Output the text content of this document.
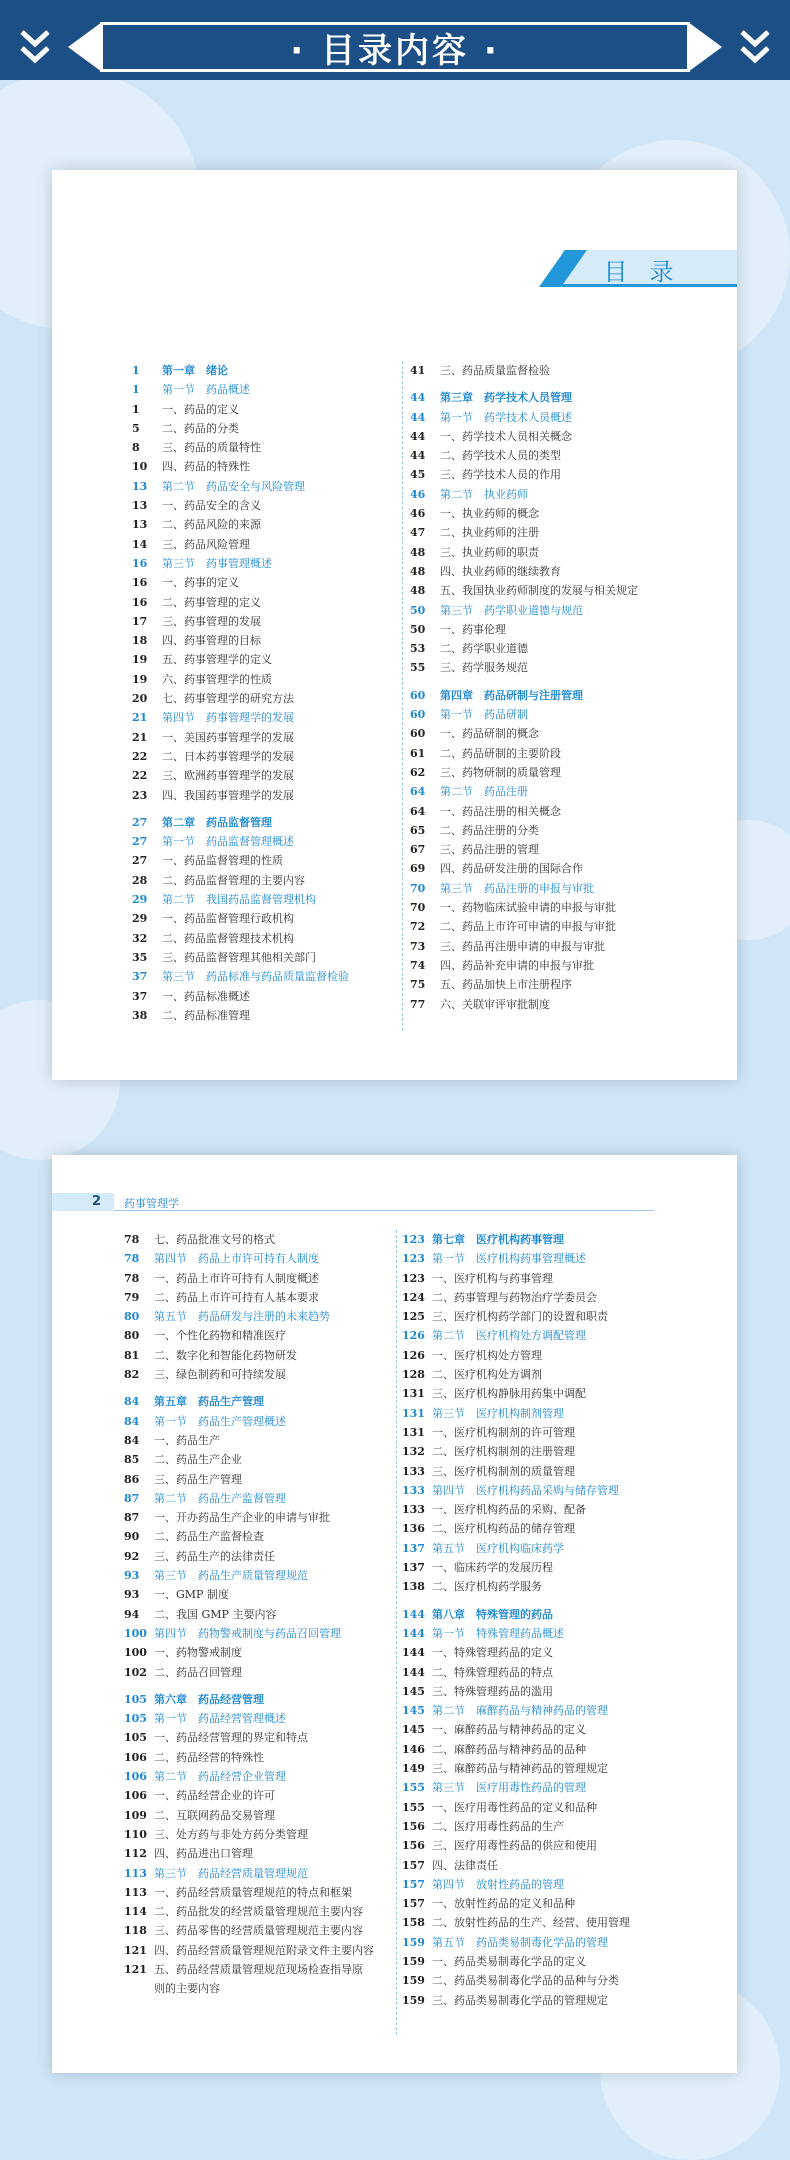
· 目录内容 ·
目录
1	第一章　绪论
1	第一节　药品概述
1	一、药品的定义
5	二、药品的分类
8	三、药品的质量特性
10	四、药品的特殊性
13	第二节　药品安全与风险管理
13	一、药品安全的含义
13	二、药品风险的来源
14	三、药品风险管理
16	第三节　药事管理概述
16	一、药事的定义
16	二、药事管理的定义
17	三、药事管理的发展
18	四、药事管理的目标
19	五、药事管理学的定义
19	六、药事管理学的性质
20	七、药事管理学的研究方法
21	第四节　药事管理学的发展
21	一、美国药事管理学的发展
22	二、日本药事管理学的发展
22	三、欧洲药事管理学的发展
23	四、我国药事管理学的发展
27	第二章　药品监督管理
27	第一节　药品监督管理概述
27	一、药品监督管理的性质
28	二、药品监督管理的主要内容
29	第二节　我国药品监督管理机构
29	一、药品监督管理行政机构
32	二、药品监督管理技术机构
35	三、药品监督管理其他相关部门
37	第三节　药品标准与药品质量监督检验
37	一、药品标准概述
38	二、药品标准管理
41	三、药品质量监督检验
44	第三章　药学技术人员管理
44	第一节　药学技术人员概述
44	一、药学技术人员相关概念
44	二、药学技术人员的类型
45	三、药学技术人员的作用
46	第二节　执业药师
46	一、执业药师的概念
47	二、执业药师的注册
48	三、执业药师的职责
48	四、执业药师的继续教育
48	五、我国执业药师制度的发展与相关规定
50	第三节　药学职业道德与规范
50	一、药事伦理
53	二、药学职业道德
55	三、药学服务规范
60	第四章　药品研制与注册管理
60	第一节　药品研制
60	一、药品研制的概念
61	二、药品研制的主要阶段
62	三、药物研制的质量管理
64	第二节　药品注册
64	一、药品注册的相关概念
65	二、药品注册的分类
67	三、药品注册的管理
69	四、药品研发注册的国际合作
70	第三节　药品注册的申报与审批
70	一、药物临床试验申请的申报与审批
72	二、药品上市许可申请的申报与审批
73	三、药品再注册申请的申报与审批
74	四、药品补充申请的申报与审批
75	五、药品加快上市注册程序
77	六、关联审评审批制度
2 药事管理学
78	七、药品批准文号的格式
78	第四节　药品上市许可持有人制度
78	一、药品上市许可持有人制度概述
79	二、药品上市许可持有人基本要求
80	第五节　药品研发与注册的未来趋势
80	一、个性化药物和精准医疗
81	二、数字化和智能化药物研发
82	三、绿色制药和可持续发展
84	第五章　药品生产管理
84	第一节　药品生产管理概述
84	一、药品生产
85	二、药品生产企业
86	三、药品生产管理
87	第二节　药品生产监督管理
87	一、开办药品生产企业的申请与审批
90	二、药品生产监督检查
92	三、药品生产的法律责任
93	第三节　药品生产质量管理规范
93	一、GMP 制度
94	二、我国 GMP 主要内容
100 第四节　药物警戒制度与药品召回管理
100 一、药物警戒制度
102 二、药品召回管理
105 第六章　药品经营管理
105 第一节　药品经营管理概述
105 一、药品经营管理的界定和特点
106 二、药品经营的特殊性
106 第二节　药品经营企业管理
106 一、药品经营企业的许可
109 二、互联网药品交易管理
110 三、处方药与非处方药分类管理
112 四、药品进出口管理
113 第三节　药品经营质量管理规范
113 一、药品经营质量管理规范的特点和框架
114 二、药品批发的经营质量管理规范主要内容
118 三、药品零售的经营质量管理规范主要内容
121 四、药品经营质量管理规范附录文件主要内容
121 五、药品经营质量管理规范现场检查指导原
则的主要内容
123 第七章　医疗机构药事管理
123 第一节　医疗机构药事管理概述
123 一、医疗机构与药事管理
124 二、药事管理与药物治疗学委员会
125 三、医疗机构药学部门的设置和职责
126 第二节　医疗机构处方调配管理
126 一、医疗机构处方管理
128 二、医疗机构处方调剂
131 三、医疗机构静脉用药集中调配
131 第三节　医疗机构制剂管理
131 一、医疗机构制剂的许可管理
132 二、医疗机构制剂的注册管理
133 三、医疗机构制剂的质量管理
133 第四节　医疗机构药品采购与储存管理
133 一、医疗机构药品的采购、配备
136 二、医疗机构药品的储存管理
137 第五节　医疗机构临床药学
137 一、临床药学的发展历程
138 二、医疗机构药学服务
144 第八章　特殊管理的药品
144 第一节　特殊管理药品概述
144 一、特殊管理药品的定义
144 二、特殊管理药品的特点
145 三、特殊管理药品的滥用
145 第二节　麻醉药品与精神药品的管理
145 一、麻醉药品与精神药品的定义
146 二、麻醉药品与精神药品的品种
149 三、麻醉药品与精神药品的管理规定
155 第三节　医疗用毒性药品的管理
155 一、医疗用毒性药品的定义和品种
156 二、医疗用毒性药品的生产
156 三、医疗用毒性药品的供应和使用
157 四、法律责任
157 第四节　放射性药品的管理
157 一、放射性药品的定义和品种
158 二、放射性药品的生产、经营、使用管理
159 第五节　药品类易制毒化学品的管理
159 一、药品类易制毒化学品的定义
159 二、药品类易制毒化学品的品种与分类
159 三、药品类易制毒化学品的管理规定
